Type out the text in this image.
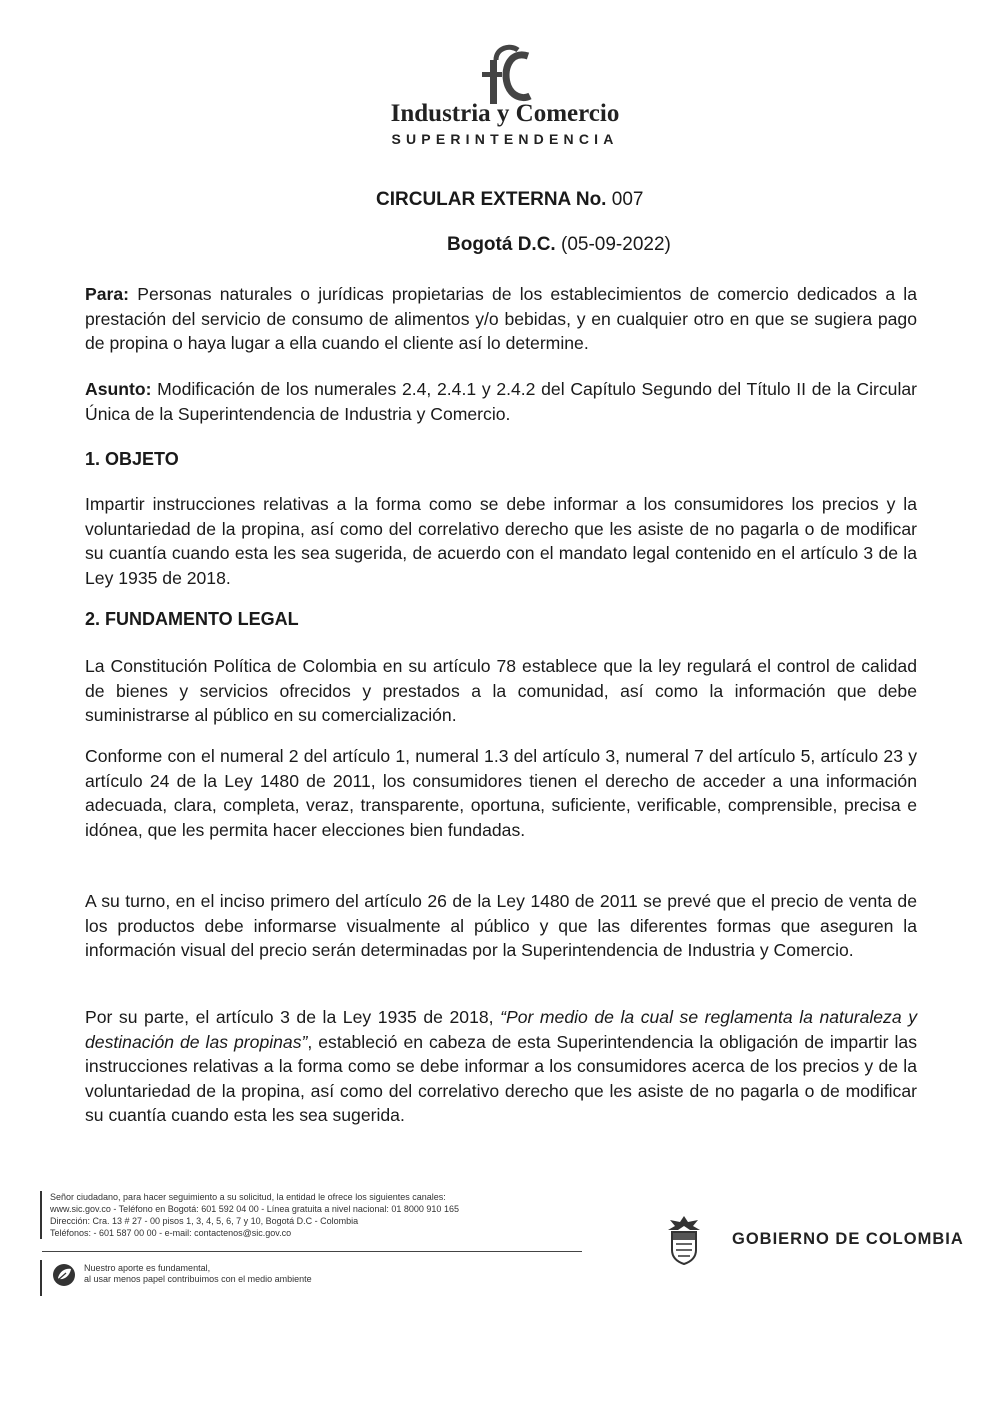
Industria y Comercio
SUPERINTENDENCIA
CIRCULAR EXTERNA No. 007
Bogotá D.C. (05-09-2022)
Para: Personas naturales o jurídicas propietarias de los establecimientos de comercio dedicados a la prestación del servicio de consumo de alimentos y/o bebidas, y en cualquier otro en que se sugiera pago de propina o haya lugar a ella cuando el cliente así lo determine.
Asunto: Modificación de los numerales 2.4, 2.4.1 y 2.4.2 del Capítulo Segundo del Título II de la Circular Única de la Superintendencia de Industria y Comercio.
1. OBJETO
Impartir instrucciones relativas a la forma como se debe informar a los consumidores los precios y la voluntariedad de la propina, así como del correlativo derecho que les asiste de no pagarla o de modificar su cuantía cuando esta les sea sugerida, de acuerdo con el mandato legal contenido en el artículo 3 de la Ley 1935 de 2018.
2. FUNDAMENTO LEGAL
La Constitución Política de Colombia en su artículo 78 establece que la ley regulará el control de calidad de bienes y servicios ofrecidos y prestados a la comunidad, así como la información que debe suministrarse al público en su comercialización.
Conforme con el numeral 2 del artículo 1, numeral 1.3 del artículo 3, numeral 7 del artículo 5, artículo 23 y artículo 24 de la Ley 1480 de 2011, los consumidores tienen el derecho de acceder a una información adecuada, clara, completa, veraz, transparente, oportuna, suficiente, verificable, comprensible, precisa e idónea, que les permita hacer elecciones bien fundadas.
A su turno, en el inciso primero del artículo 26 de la Ley 1480 de 2011 se prevé que el precio de venta de los productos debe informarse visualmente al público y que las diferentes formas que aseguren la información visual del precio serán determinadas por la Superintendencia de Industria y Comercio.
Por su parte, el artículo 3 de la Ley 1935 de 2018, “Por medio de la cual se reglamenta la naturaleza y destinación de las propinas”, estableció en cabeza de esta Superintendencia la obligación de impartir las instrucciones relativas a la forma como se debe informar a los consumidores acerca de los precios y de la voluntariedad de la propina, así como del correlativo derecho que les asiste de no pagarla o de modificar su cuantía cuando esta les sea sugerida.
Señor ciudadano, para hacer seguimiento a su solicitud, la entidad le ofrece los siguientes canales:
www.sic.gov.co - Teléfono en Bogotá: 601 592 04 00 - Línea gratuita a nivel nacional: 01 8000 910 165
Dirección: Cra. 13 # 27 - 00 pisos 1, 3, 4, 5, 6, 7 y 10, Bogotá D.C - Colombia
Teléfonos: - 601 587 00 00 - e-mail: contactenos@sic.gov.co
Nuestro aporte es fundamental,
al usar menos papel contribuimos con el medio ambiente
GOBIERNO DE COLOMBIA
